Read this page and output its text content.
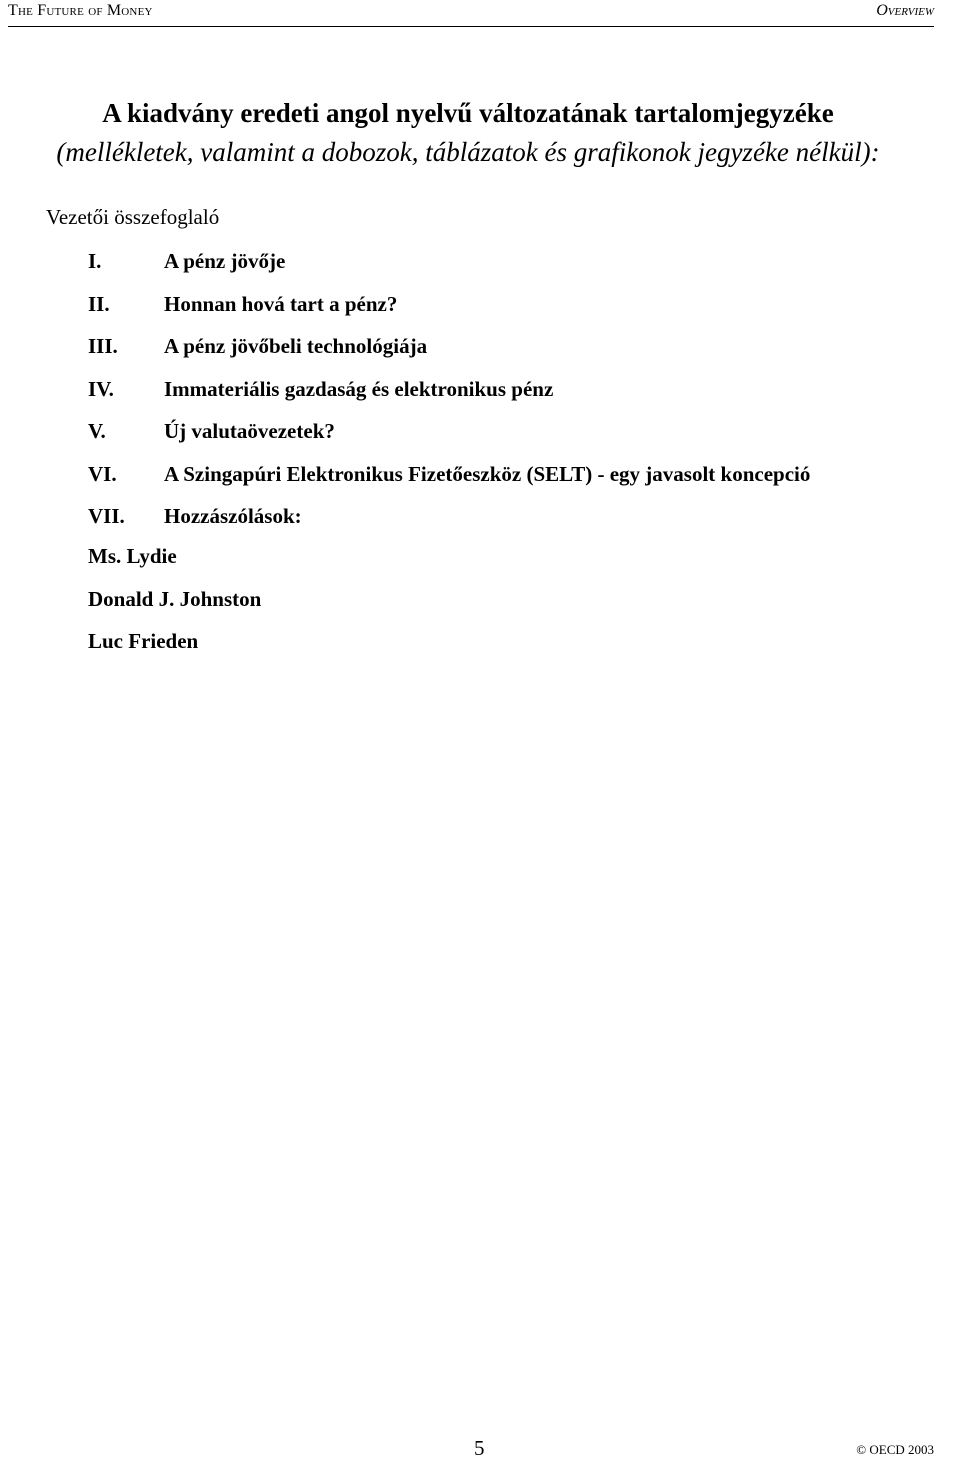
The Future of Money	Overview
A kiadvány eredeti angol nyelvű változatának tartalomjegyzéke

(mellékletek, valamint a dobozok, táblázatok és grafikonok jegyzéke nélkül):

Vezetői összefoglaló
I.	A pénz jövője
II.	Honnan hová tart a pénz?
III. A pénz jövőbeli technológiája
IV. Immateriális gazdaság és elektronikus pénz
V.	Új valutaövezetek?
VI. A Szingapúri Elektronikus Fizetőeszköz (SELT) - egy javasolt koncepció
VII. Hozzászólások:
Ms. Lydie
Donald J. Johnston
Luc Frieden
5	© OECD 2003
